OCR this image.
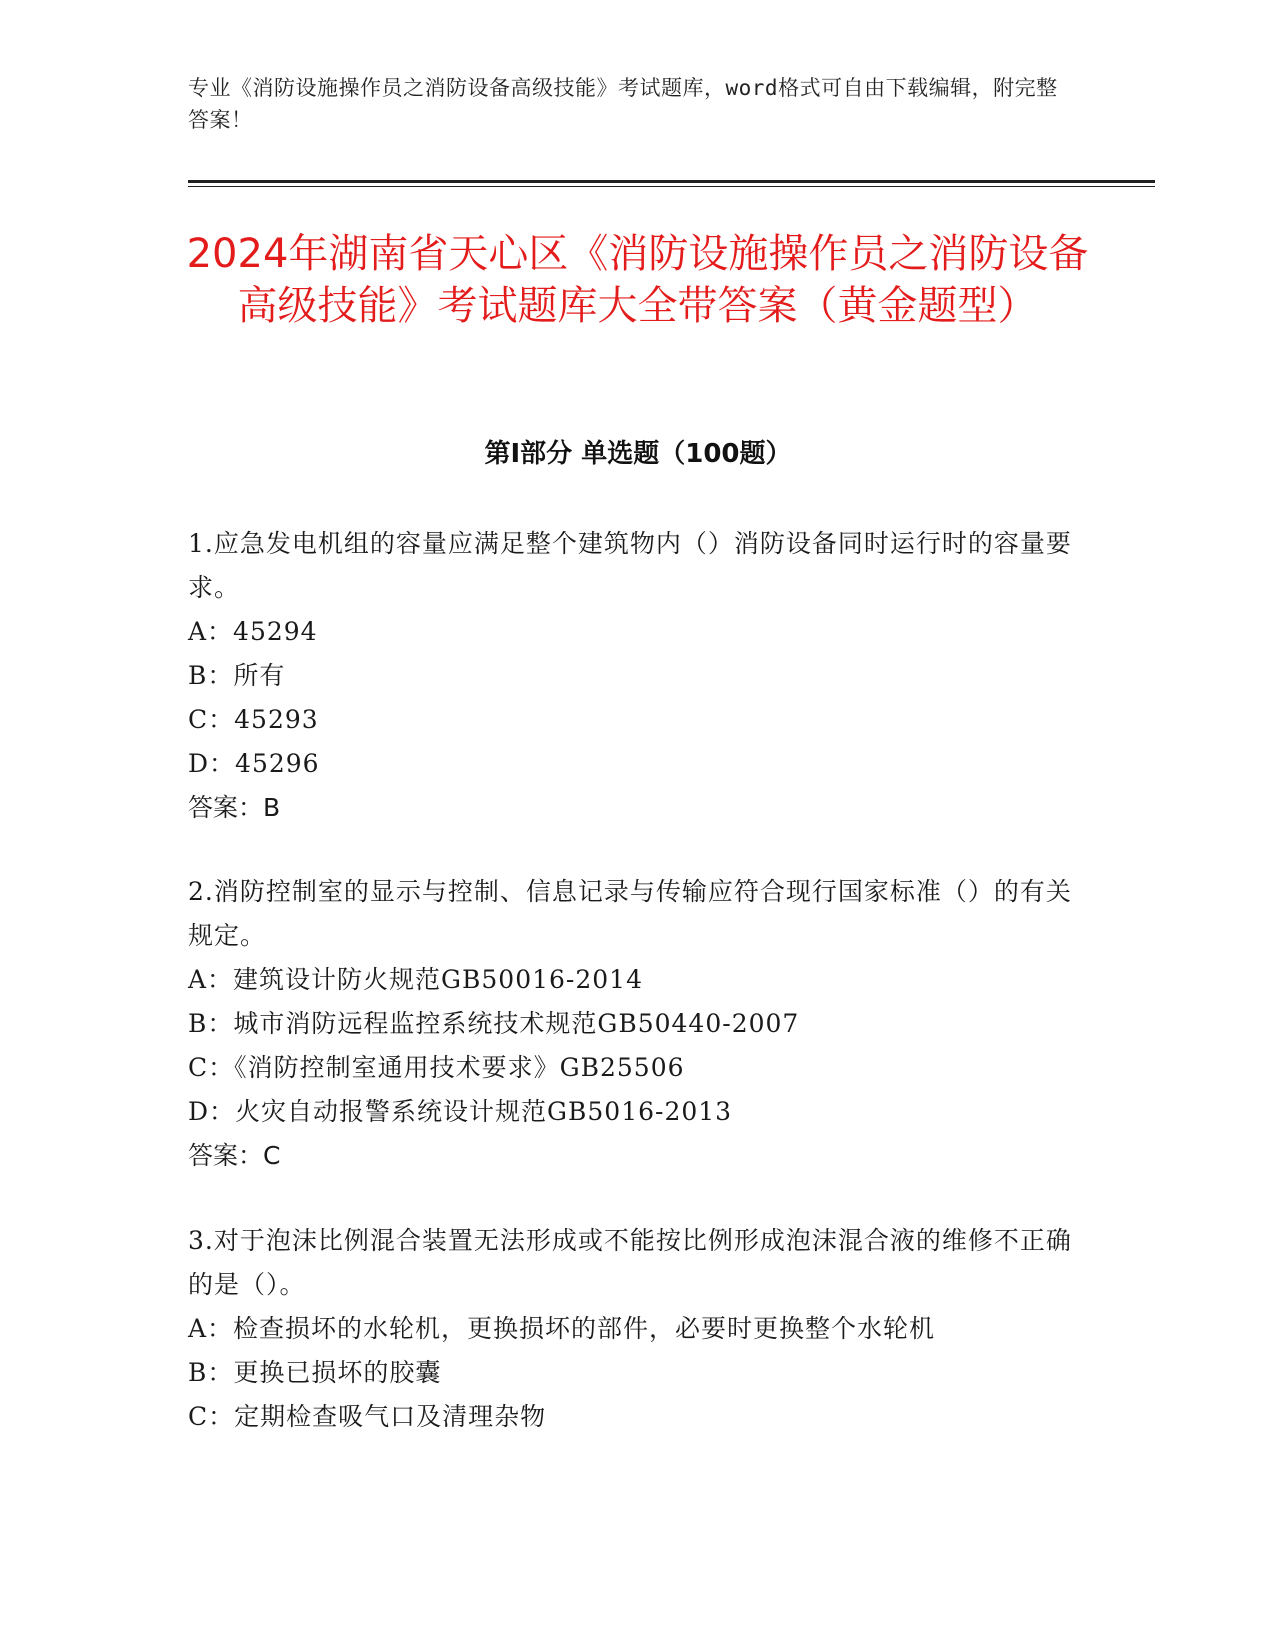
专业《消防设施操作员之消防设备高级技能》考试题库，word格式可自由下载编辑，附完整答案！
2024年湖南省天心区《消防设施操作员之消防设备高级技能》考试题库大全带答案（黄金题型）
第I部分 单选题（100题）

1.应急发电机组的容量应满足整个建筑物内（）消防设备同时运行时的容量要求。

A：45294

B：所有

C：45293

D：45296

答案：B

2.消防控制室的显示与控制、信息记录与传输应符合现行国家标准（）的有关规定。

A：建筑设计防火规范GB50016-2014

B：城市消防远程监控系统技术规范GB50440-2007

C：《消防控制室通用技术要求》GB25506

D：火灾自动报警系统设计规范GB5016-2013

答案：C

3.对于泡沫比例混合装置无法形成或不能按比例形成泡沫混合液的维修不正确的是（）。

A：检查损坏的水轮机，更换损坏的部件，必要时更换整个水轮机

B：更换已损坏的胶囊

C：定期检查吸气口及清理杂物
